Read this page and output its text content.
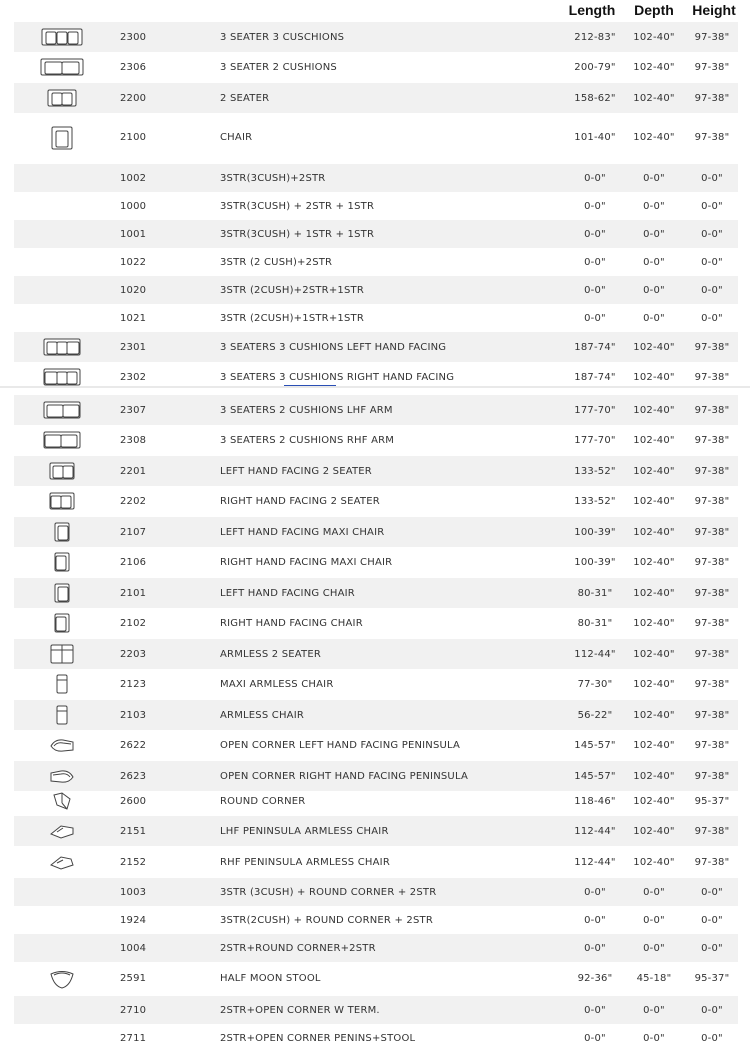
Length	Depth	Height
2300	3 SEATER 3 CUSCHIONS	212-83"	102-40"	97-38"
2306	3 SEATER 2 CUSHIONS	200-79"	102-40"	97-38"
2200	2 SEATER	158-62"	102-40"	97-38"
2100	CHAIR	101-40"	102-40"	97-38"
1002	3STR(3CUSH)+2STR	0-0"	0-0"	0-0"
1000	3STR(3CUSH) + 2STR + 1STR	0-0"	0-0"	0-0"
1001	3STR(3CUSH) + 1STR + 1STR	0-0"	0-0"	0-0"
1022	3STR (2 CUSH)+2STR	0-0"	0-0"	0-0"
1020	3STR (2CUSH)+2STR+1STR	0-0"	0-0"	0-0"
1021	3STR (2CUSH)+1STR+1STR	0-0"	0-0"	0-0"
2301	3 SEATERS 3 CUSHIONS LEFT HAND FACING	187-74"	102-40"	97-38"
2302	3 SEATERS 3 CUSHIONS RIGHT HAND FACING	187-74"	102-40"	97-38"
2307	3 SEATERS 2 CUSHIONS LHF ARM	177-70"	102-40"	97-38"
2308	3 SEATERS 2 CUSHIONS RHF ARM	177-70"	102-40"	97-38"
2201	LEFT HAND FACING 2 SEATER	133-52"	102-40"	97-38"
2202	RIGHT HAND FACING 2 SEATER	133-52"	102-40"	97-38"
2107	LEFT HAND FACING MAXI CHAIR	100-39"	102-40"	97-38"
2106	RIGHT HAND FACING MAXI CHAIR	100-39"	102-40"	97-38"
2101	LEFT HAND FACING CHAIR	80-31"	102-40"	97-38"
2102	RIGHT HAND FACING CHAIR	80-31"	102-40"	97-38"
2203	ARMLESS 2 SEATER	112-44"	102-40"	97-38"
2123	MAXI ARMLESS CHAIR	77-30"	102-40"	97-38"
2103	ARMLESS CHAIR	56-22"	102-40"	97-38"
2622	OPEN CORNER LEFT HAND FACING PENINSULA	145-57"	102-40"	97-38"
2623	OPEN CORNER RIGHT HAND FACING PENINSULA	145-57"	102-40"	97-38"
2600	ROUND CORNER	118-46"	102-40"	95-37"
2151	LHF PENINSULA ARMLESS CHAIR	112-44"	102-40"	97-38"
2152	RHF PENINSULA ARMLESS CHAIR	112-44"	102-40"	97-38"
1003	3STR (3CUSH) + ROUND CORNER + 2STR	0-0"	0-0"	0-0"
1924	3STR(2CUSH) + ROUND CORNER + 2STR	0-0"	0-0"	0-0"
1004	2STR+ROUND CORNER+2STR	0-0"	0-0"	0-0"
2591	HALF MOON STOOL	92-36"	45-18"	95-37"
2710	2STR+OPEN CORNER W TERM.	0-0"	0-0"	0-0"
2711	2STR+OPEN CORNER PENINS+STOOL	0-0"	0-0"	0-0"
